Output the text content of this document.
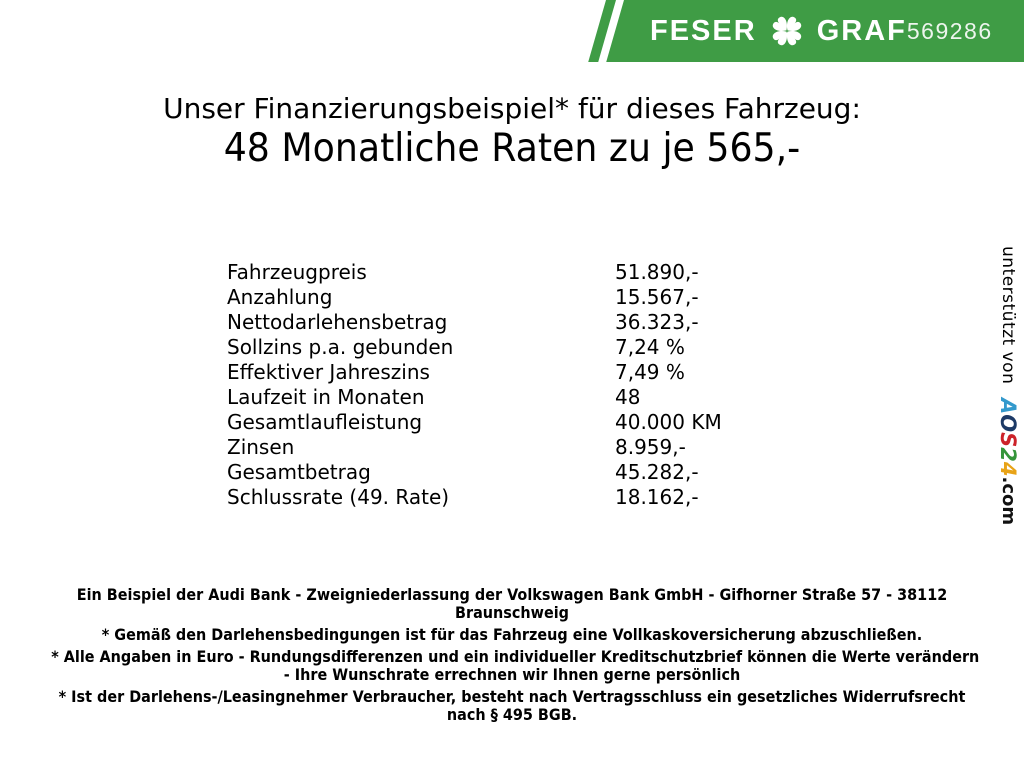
FESER GRAF 569286
Unser Finanzierungsbeispiel* für dieses Fahrzeug:
48 Monatliche Raten zu je 565,-
Fahrzeugpreis	51.890,-
Anzahlung	15.567,-
Nettodarlehensbetrag	36.323,-
Sollzins p.a. gebunden	7,24 %
Effektiver Jahreszins	7,49 %
Laufzeit in Monaten	48
Gesamtlaufleistung	40.000 KM
Zinsen	8.959,-
Gesamtbetrag	45.282,-
Schlussrate (49. Rate)	18.162,-
unterstützt von AOS24.com
Ein Beispiel der Audi Bank - Zweigniederlassung der Volkswagen Bank GmbH - Gifhorner Straße 57 - 38112
Braunschweig
* Gemäß den Darlehensbedingungen ist für das Fahrzeug eine Vollkaskoversicherung abzuschließen.
* Alle Angaben in Euro - Rundungsdifferenzen und ein individueller Kreditschutzbrief können die Werte verändern
- Ihre Wunschrate errechnen wir Ihnen gerne persönlich
* Ist der Darlehens-/Leasingnehmer Verbraucher, besteht nach Vertragsschluss ein gesetzliches Widerrufsrecht
nach § 495 BGB.
